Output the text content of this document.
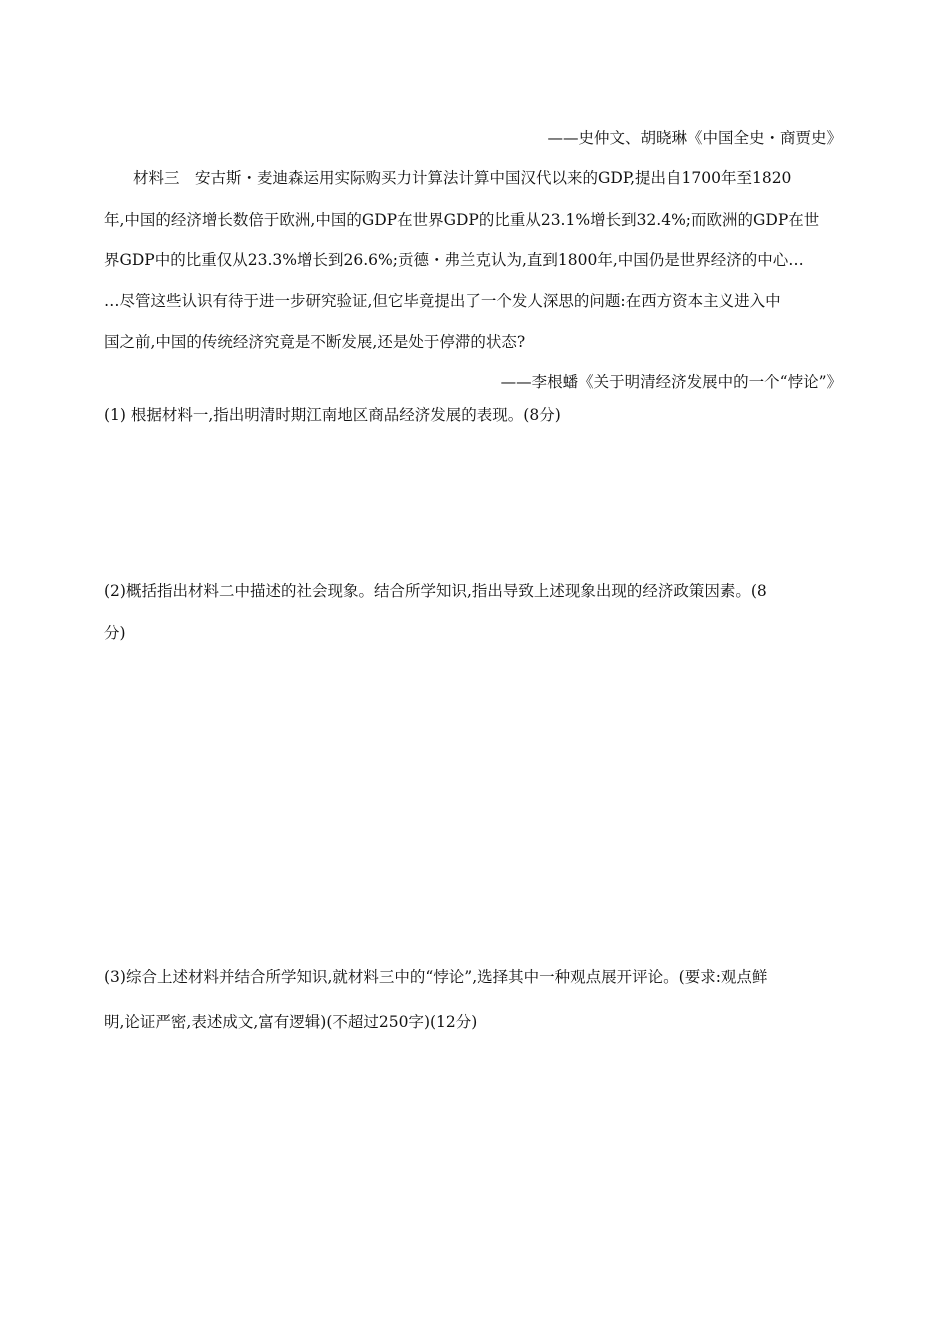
——史仲文、胡晓琳《中国全史・商贾史》
材料三　安古斯・麦迪森运用实际购买力计算法计算中国汉代以来的GDP,提出自1700年至1820
年,中国的经济增长数倍于欧洲,中国的GDP在世界GDP的比重从23.1%增长到32.4%;而欧洲的GDP在世
界GDP中的比重仅从23.3%增长到26.6%;贡德・弗兰克认为,直到1800年,中国仍是世界经济的中心…
…尽管这些认识有待于进一步研究验证,但它毕竟提出了一个发人深思的问题:在西方资本主义进入中
国之前,中国的传统经济究竟是不断发展,还是处于停滞的状态?
——李根蟠《关于明清经济发展中的一个“悖论”》
(1) 根据材料一,指出明清时期江南地区商品经济发展的表现。(8分)
(2)概括指出材料二中描述的社会现象。结合所学知识,指出导致上述现象出现的经济政策因素。(8
分)
(3)综合上述材料并结合所学知识,就材料三中的“悖论”,选择其中一种观点展开评论。(要求:观点鲜
明,论证严密,表述成文,富有逻辑)(不超过250字)(12分)
